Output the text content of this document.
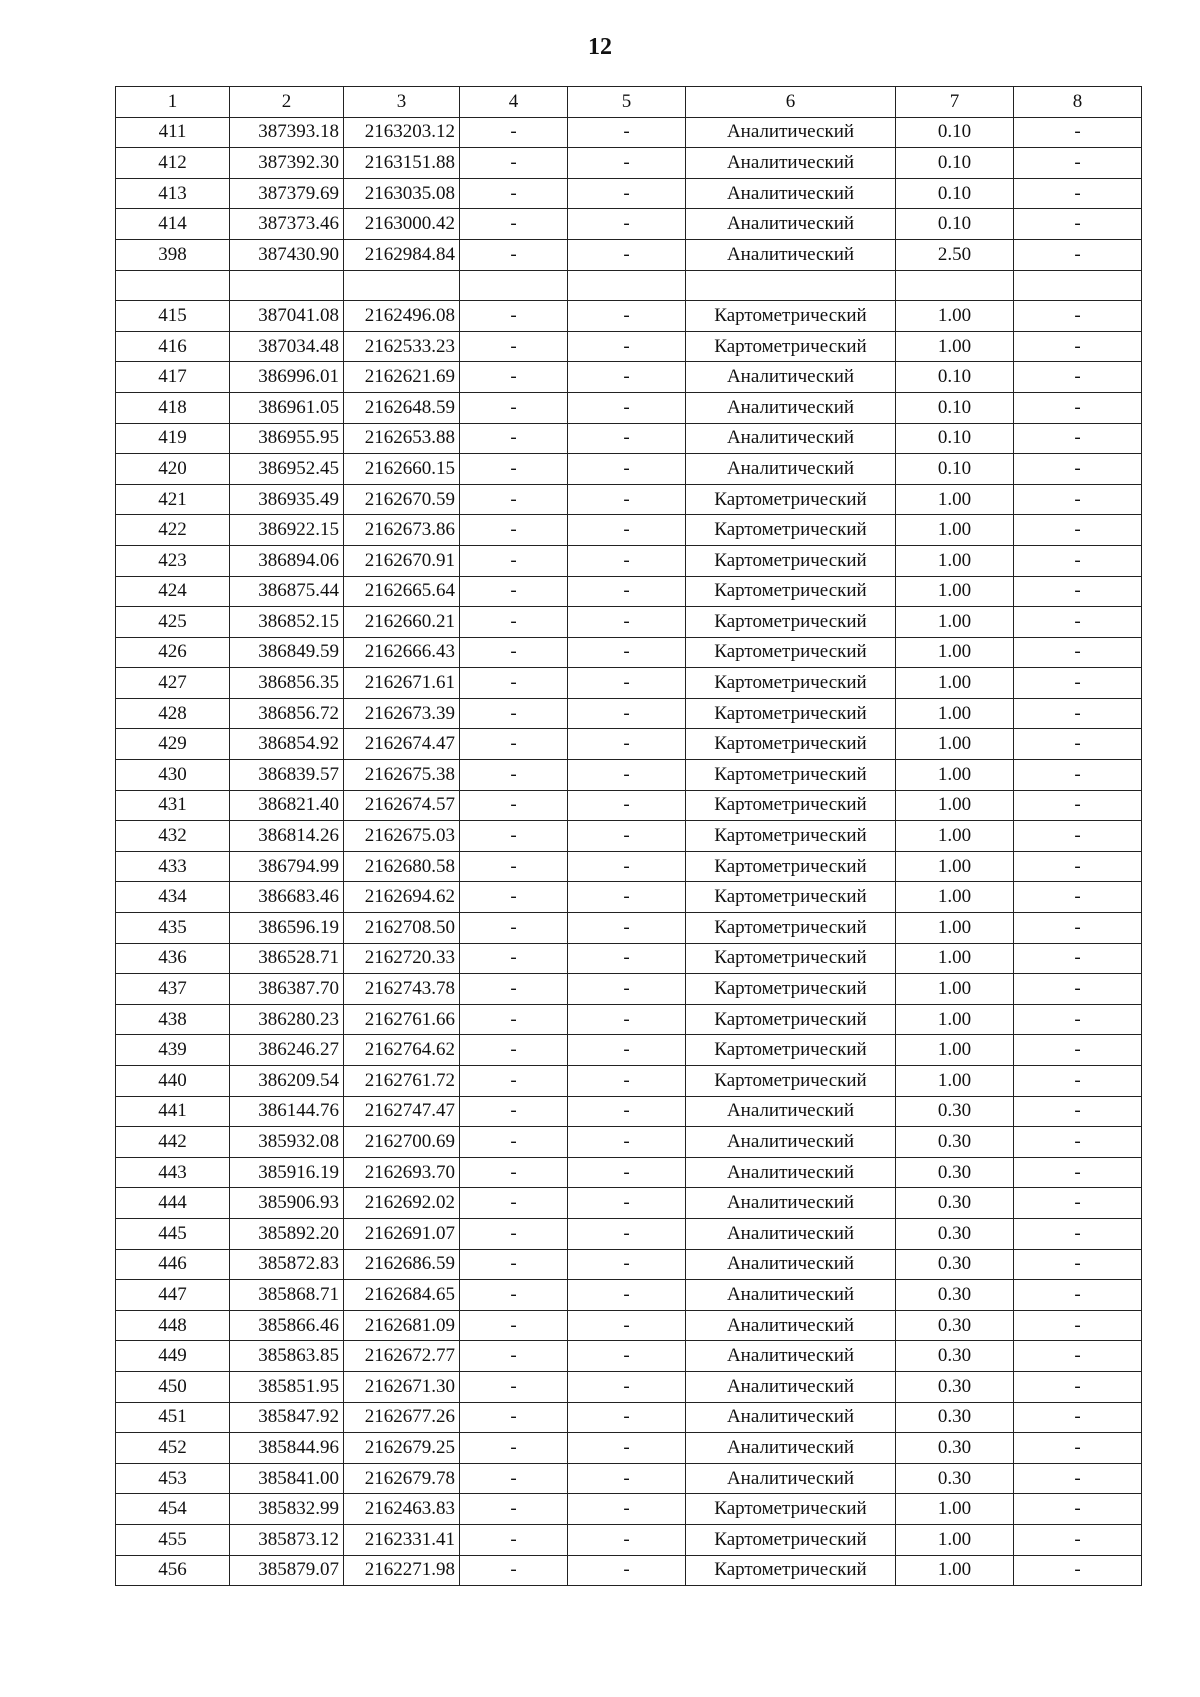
12
1	2	3	4	5	6	7	8
411	387393.18	2163203.12	-	-	Аналитический	0.10	-
412	387392.30	2163151.88	-	-	Аналитический	0.10	-
413	387379.69	2163035.08	-	-	Аналитический	0.10	-
414	387373.46	2163000.42	-	-	Аналитический	0.10	-
398	387430.90	2162984.84	-	-	Аналитический	2.50	-

415	387041.08	2162496.08	-	-	Картометрический	1.00	-
416	387034.48	2162533.23	-	-	Картометрический	1.00	-
417	386996.01	2162621.69	-	-	Аналитический	0.10	-
418	386961.05	2162648.59	-	-	Аналитический	0.10	-
419	386955.95	2162653.88	-	-	Аналитический	0.10	-
420	386952.45	2162660.15	-	-	Аналитический	0.10	-
421	386935.49	2162670.59	-	-	Картометрический	1.00	-
422	386922.15	2162673.86	-	-	Картометрический	1.00	-
423	386894.06	2162670.91	-	-	Картометрический	1.00	-
424	386875.44	2162665.64	-	-	Картометрический	1.00	-
425	386852.15	2162660.21	-	-	Картометрический	1.00	-
426	386849.59	2162666.43	-	-	Картометрический	1.00	-
427	386856.35	2162671.61	-	-	Картометрический	1.00	-
428	386856.72	2162673.39	-	-	Картометрический	1.00	-
429	386854.92	2162674.47	-	-	Картометрический	1.00	-
430	386839.57	2162675.38	-	-	Картометрический	1.00	-
431	386821.40	2162674.57	-	-	Картометрический	1.00	-
432	386814.26	2162675.03	-	-	Картометрический	1.00	-
433	386794.99	2162680.58	-	-	Картометрический	1.00	-
434	386683.46	2162694.62	-	-	Картометрический	1.00	-
435	386596.19	2162708.50	-	-	Картометрический	1.00	-
436	386528.71	2162720.33	-	-	Картометрический	1.00	-
437	386387.70	2162743.78	-	-	Картометрический	1.00	-
438	386280.23	2162761.66	-	-	Картометрический	1.00	-
439	386246.27	2162764.62	-	-	Картометрический	1.00	-
440	386209.54	2162761.72	-	-	Картометрический	1.00	-
441	386144.76	2162747.47	-	-	Аналитический	0.30	-
442	385932.08	2162700.69	-	-	Аналитический	0.30	-
443	385916.19	2162693.70	-	-	Аналитический	0.30	-
444	385906.93	2162692.02	-	-	Аналитический	0.30	-
445	385892.20	2162691.07	-	-	Аналитический	0.30	-
446	385872.83	2162686.59	-	-	Аналитический	0.30	-
447	385868.71	2162684.65	-	-	Аналитический	0.30	-
448	385866.46	2162681.09	-	-	Аналитический	0.30	-
449	385863.85	2162672.77	-	-	Аналитический	0.30	-
450	385851.95	2162671.30	-	-	Аналитический	0.30	-
451	385847.92	2162677.26	-	-	Аналитический	0.30	-
452	385844.96	2162679.25	-	-	Аналитический	0.30	-
453	385841.00	2162679.78	-	-	Аналитический	0.30	-
454	385832.99	2162463.83	-	-	Картометрический	1.00	-
455	385873.12	2162331.41	-	-	Картометрический	1.00	-
456	385879.07	2162271.98	-	-	Картометрический	1.00	-
